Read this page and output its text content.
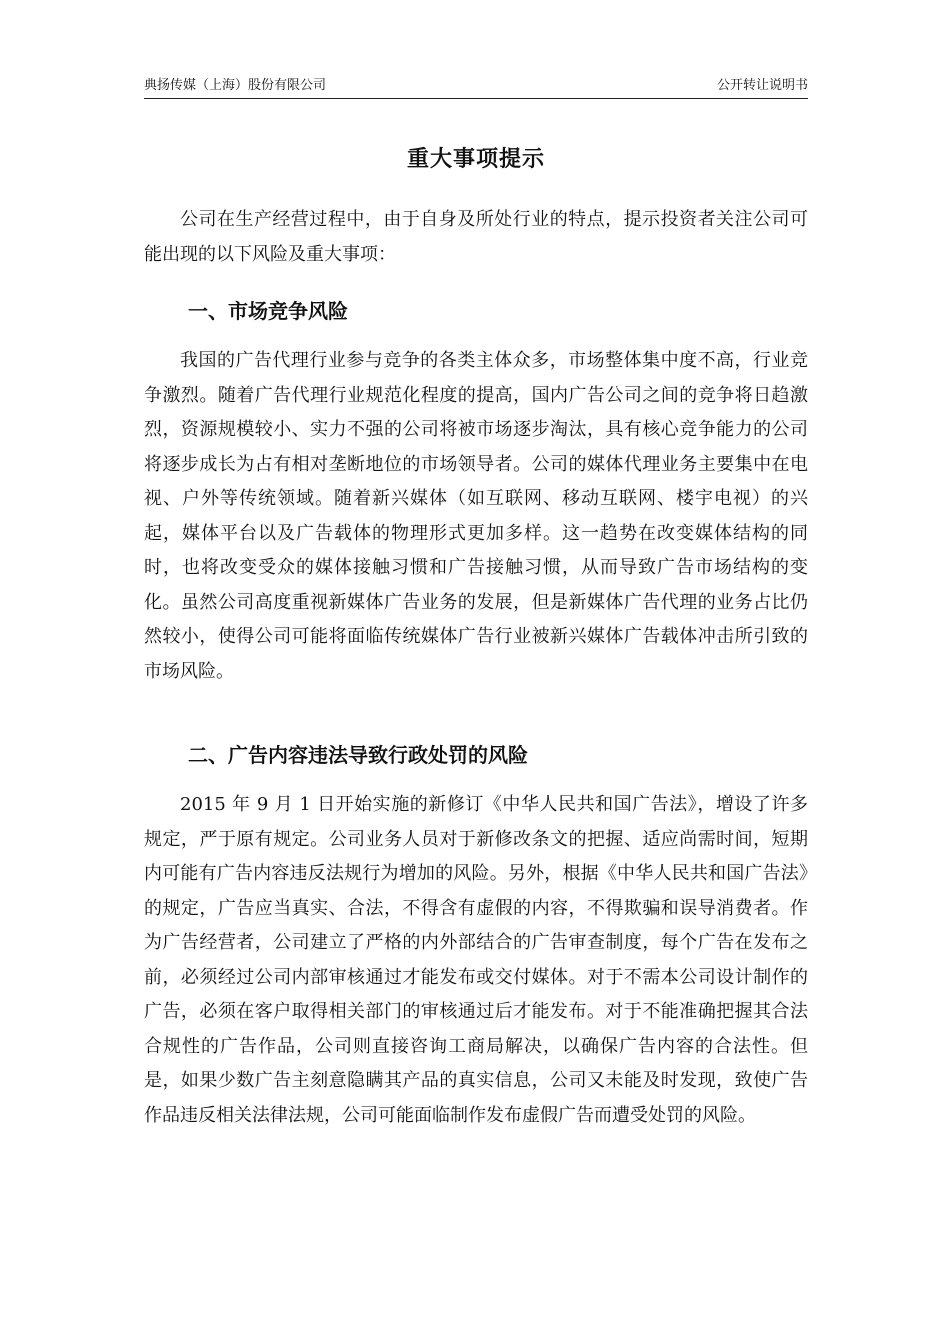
典扬传媒（上海）股份有限公司	公开转让说明书
重大事项提示

公司在生产经营过程中，由于自身及所处行业的特点，提示投资者关注公司可能出现的以下风险及重大事项：

一、市场竞争风险

我国的广告代理行业参与竞争的各类主体众多，市场整体集中度不高，行业竞争激烈。随着广告代理行业规范化程度的提高，国内广告公司之间的竞争将日趋激烈，资源规模较小、实力不强的公司将被市场逐步淘汰，具有核心竞争能力的公司将逐步成长为占有相对垄断地位的市场领导者。公司的媒体代理业务主要集中在电视、户外等传统领域。随着新兴媒体（如互联网、移动互联网、楼宇电视）的兴起，媒体平台以及广告载体的物理形式更加多样。这一趋势在改变媒体结构的同时，也将改变受众的媒体接触习惯和广告接触习惯，从而导致广告市场结构的变化。虽然公司高度重视新媒体广告业务的发展，但是新媒体广告代理的业务占比仍然较小，使得公司可能将面临传统媒体广告行业被新兴媒体广告载体冲击所引致的市场风险。

二、广告内容违法导致行政处罚的风险

2015 年 9 月 1 日开始实施的新修订《中华人民共和国广告法》，增设了许多规定，严于原有规定。公司业务人员对于新修改条文的把握、适应尚需时间，短期内可能有广告内容违反法规行为增加的风险。另外，根据《中华人民共和国广告法》的规定，广告应当真实、合法，不得含有虚假的内容，不得欺骗和误导消费者。作为广告经营者，公司建立了严格的内外部结合的广告审查制度，每个广告在发布之前，必须经过公司内部审核通过才能发布或交付媒体。对于不需本公司设计制作的广告，必须在客户取得相关部门的审核通过后才能发布。对于不能准确把握其合法合规性的广告作品，公司则直接咨询工商局解决，以确保广告内容的合法性。但是，如果少数广告主刻意隐瞒其产品的真实信息，公司又未能及时发现，致使广告作品违反相关法律法规，公司可能面临制作发布虚假广告而遭受处罚的风险。
